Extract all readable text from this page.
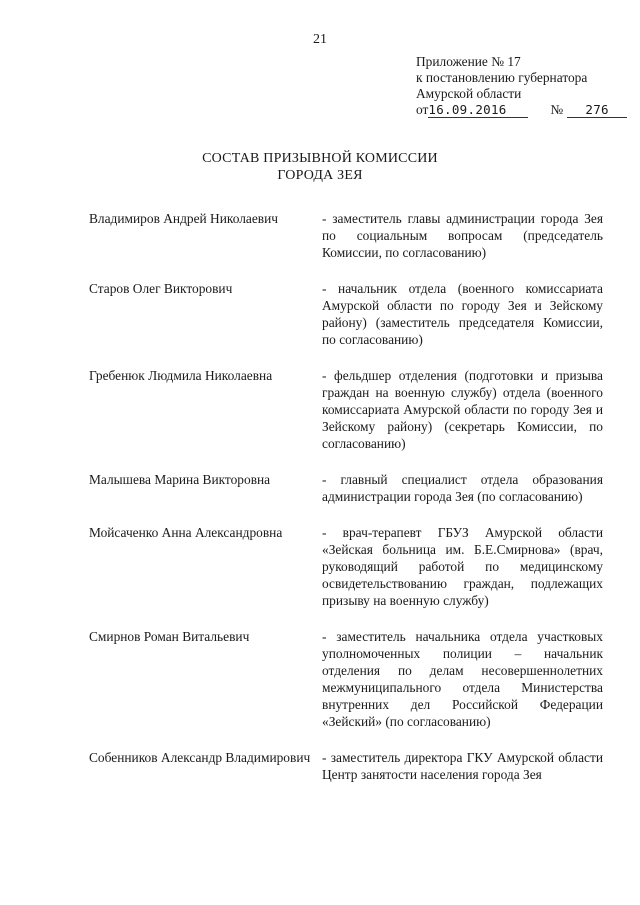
21
Приложение № 17
к постановлению губернатора
Амурской области
от 16.09.2016	№	276
СОСТАВ ПРИЗЫВНОЙ КОМИССИИ
ГОРОДА ЗЕЯ
Владимиров Андрей Николаевич	- заместитель главы администрации города Зея по социальным вопросам (председатель Комиссии, по согласованию)
Старов Олег Викторович	- начальник отдела (военного комиссариата Амурской области по городу Зея и Зейскому району) (заместитель председателя Комиссии, по согласованию)
Гребенюк Людмила Николаевна	- фельдшер отделения (подготовки и призыва граждан на военную службу) отдела (военного комиссариата Амурской области по городу Зея и Зейскому району) (секретарь Комиссии, по согласованию)
Малышева Марина Викторовна	- главный специалист отдела образования администрации города Зея (по согласованию)
Мойсаченко Анна Александровна	- врач-терапевт ГБУЗ Амурской области «Зейская больница им. Б.Е.Смирнова» (врач, руководящий работой по медицинскому освидетельствованию граждан, подлежащих призыву на военную службу)
Смирнов Роман Витальевич	- заместитель начальника отдела участковых уполномоченных полиции – начальник отделения по делам несовершеннолетних межмуниципального отдела Министерства внутренних дел Российской Федерации «Зейский» (по согласованию)
Собенников Александр Владимирович - заместитель директора ГКУ Амурской области Центр занятости населения города Зея
